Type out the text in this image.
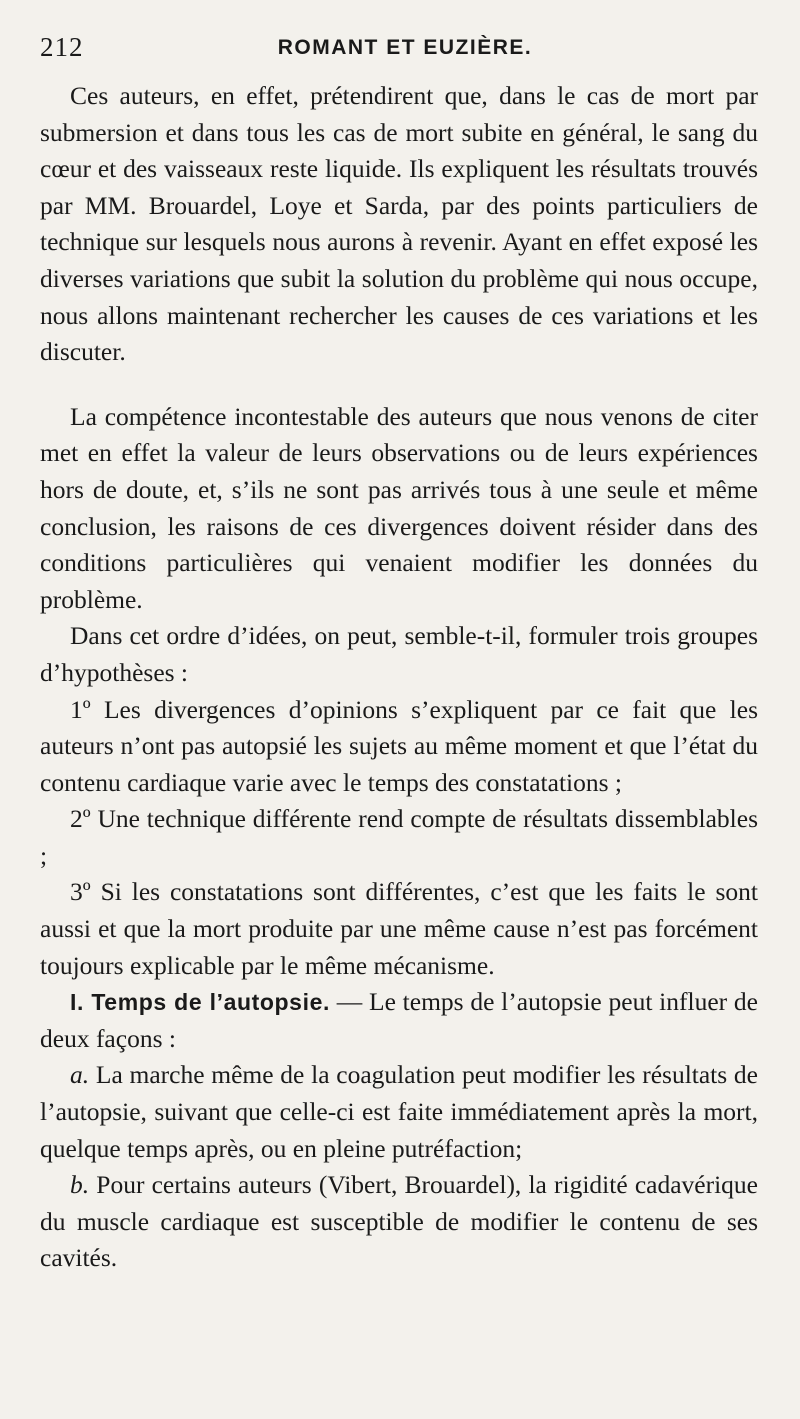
212	ROMANT ET EUZIÈRE.

Ces auteurs, en effet, prétendirent que, dans le cas de mort par submersion et dans tous les cas de mort subite en général, le sang du cœur et des vaisseaux reste liquide. Ils expliquent les résultats trouvés par MM. Brouardel, Loye et Sarda, par des points particuliers de technique sur lesquels nous aurons à revenir. Ayant en effet exposé les diverses variations que subit la solution du problème qui nous occupe, nous allons maintenant rechercher les causes de ces variations et les discuter.

La compétence incontestable des auteurs que nous venons de citer met en effet la valeur de leurs observations ou de leurs expériences hors de doute, et, s’ils ne sont pas arrivés tous à une seule et même conclusion, les raisons de ces divergences doivent résider dans des conditions particulières qui venaient modifier les données du problème.

Dans cet ordre d’idées, on peut, semble-t-il, formuler trois groupes d’hypothèses :

1º Les divergences d’opinions s’expliquent par ce fait que les auteurs n’ont pas autopsié les sujets au même moment et que l’état du contenu cardiaque varie avec le temps des constatations ;

2º Une technique différente rend compte de résultats dissemblables ;

3º Si les constatations sont différentes, c’est que les faits le sont aussi et que la mort produite par une même cause n’est pas forcément toujours explicable par le même mécanisme.

I. Temps de l’autopsie. — Le temps de l’autopsie peut influer de deux façons :

a. La marche même de la coagulation peut modifier les résultats de l’autopsie, suivant que celle-ci est faite immédiatement après la mort, quelque temps après, ou en pleine putréfaction;

b. Pour certains auteurs (Vibert, Brouardel), la rigidité cadavérique du muscle cardiaque est susceptible de modifier le contenu de ses cavités.
